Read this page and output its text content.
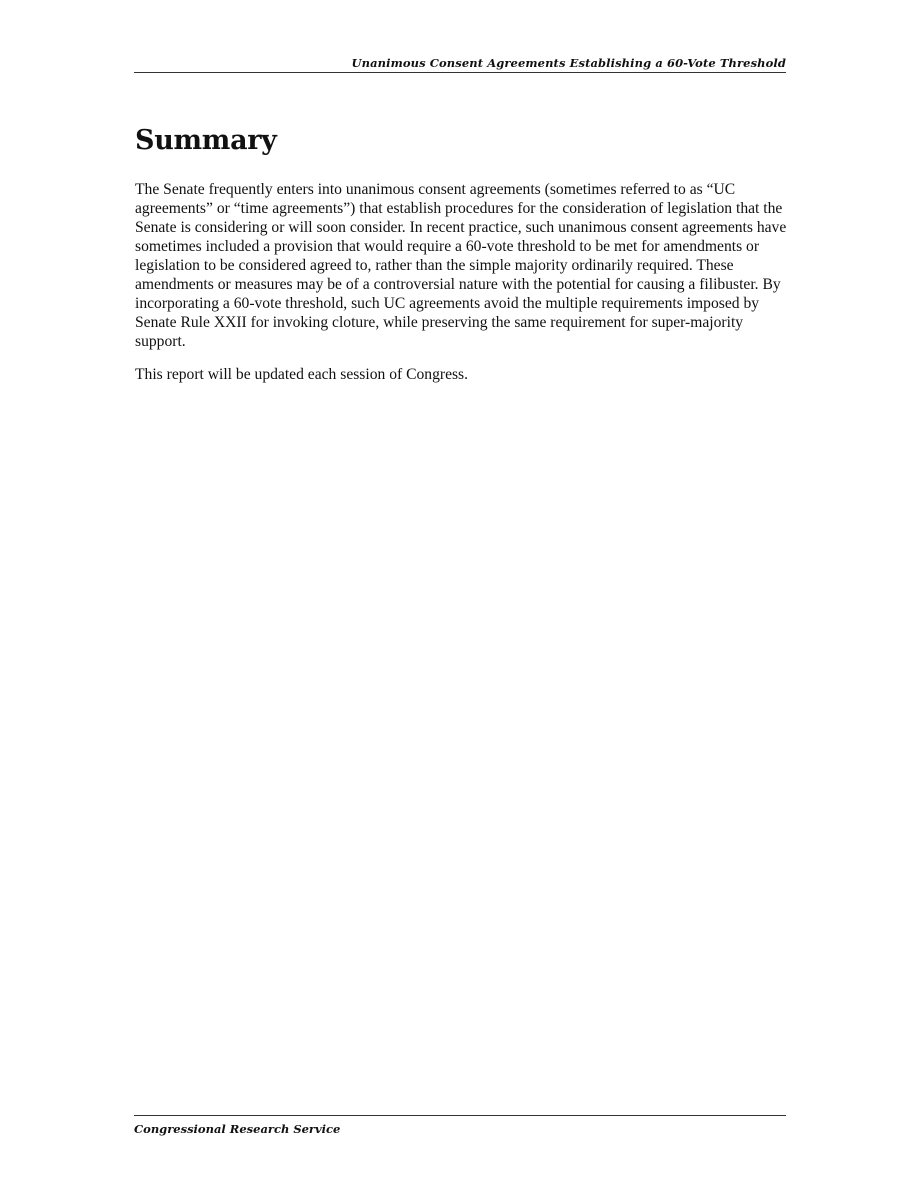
Unanimous Consent Agreements Establishing a 60-Vote Threshold
Summary

The Senate frequently enters into unanimous consent agreements (sometimes referred to as “UC agreements” or “time agreements”) that establish procedures for the consideration of legislation that the Senate is considering or will soon consider. In recent practice, such unanimous consent agreements have sometimes included a provision that would require a 60-vote threshold to be met for amendments or legislation to be considered agreed to, rather than the simple majority ordinarily required. These amendments or measures may be of a controversial nature with the potential for causing a filibuster. By incorporating a 60-vote threshold, such UC agreements avoid the multiple requirements imposed by Senate Rule XXII for invoking cloture, while preserving the same requirement for super-majority support.

This report will be updated each session of Congress.

Congressional Research Service
